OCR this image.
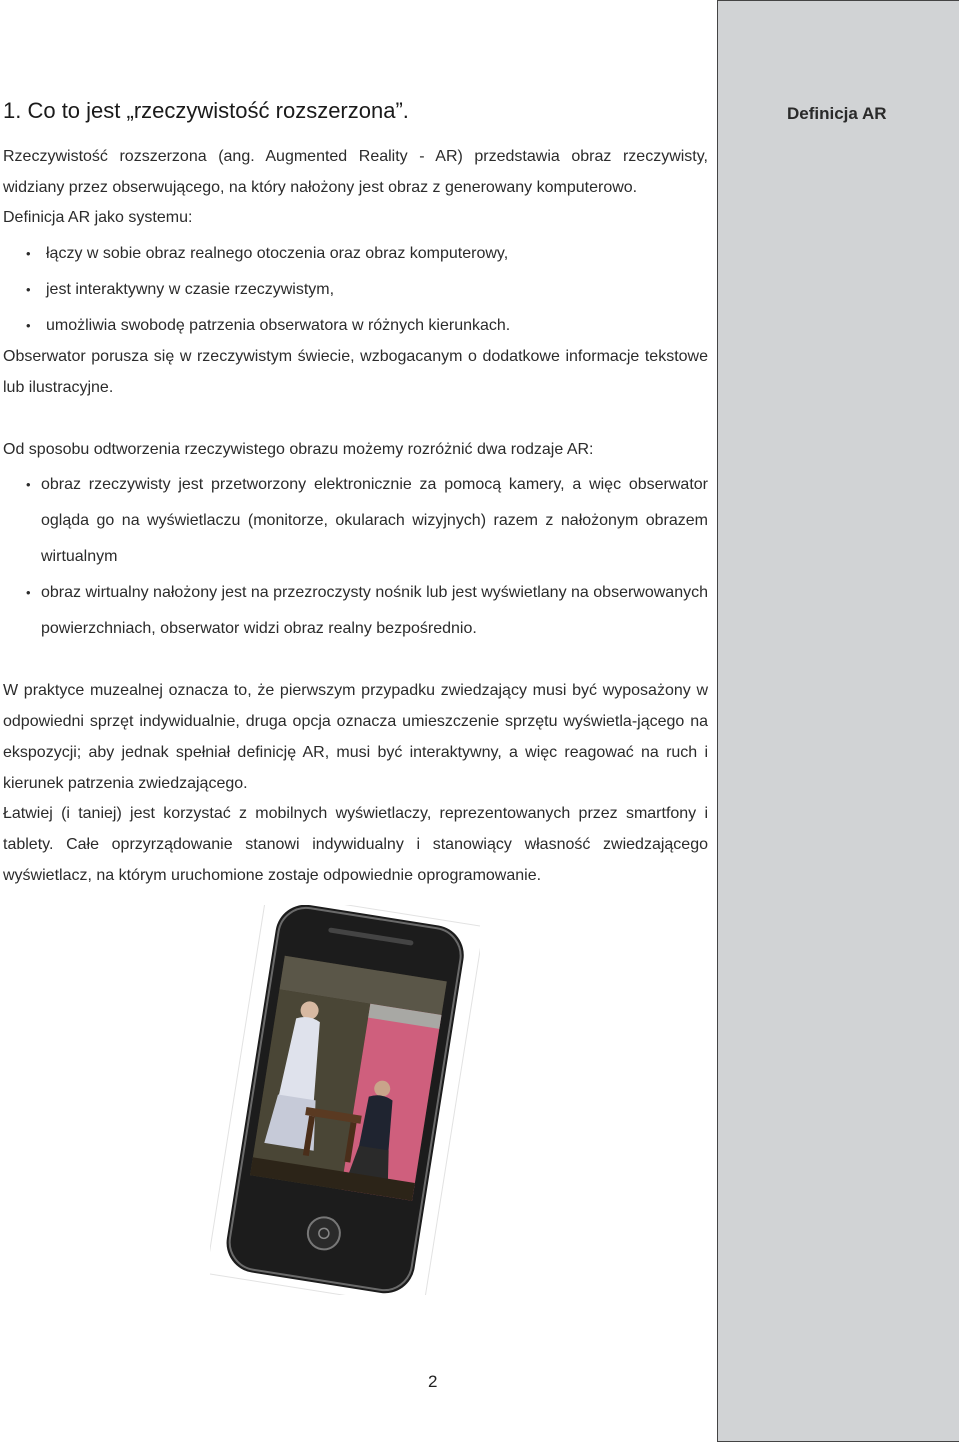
1. Co to jest „rzeczywistość rozszerzona”.

Rzeczywistość rozszerzona (ang. Augmented Reality - AR) przedstawia obraz rzeczywisty, widziany przez obserwującego, na który nałożony jest obraz z generowany komputerowo.

Definicja AR jako systemu:

• łączy w sobie obraz realnego otoczenia oraz obraz komputerowy,
• jest interaktywny w czasie rzeczywistym,
• umożliwia swobodę patrzenia obserwatora w różnych kierunkach.

Obserwator porusza się w rzeczywistym świecie, wzbogacanym o dodatkowe informacje tekstowe lub ilustracyjne.

Od sposobu odtworzenia rzeczywistego obrazu możemy rozróżnić dwa rodzaje AR:

• obraz rzeczywisty jest przetworzony elektronicznie za pomocą kamery, a więc obserwator ogląda go na wyświetlaczu (monitorze, okularach wizyjnych) razem z nałożonym obrazem wirtualnym
• obraz wirtualny nałożony jest na przezroczysty nośnik lub jest wyświetlany na obserwowanych powierzchniach, obserwator widzi obraz realny bezpośrednio.

W praktyce muzealnej oznacza to, że pierwszym przypadku zwiedzający musi być wyposażony w odpowiedni sprzęt indywidualnie, druga opcja oznacza umieszczenie sprzętu wyświetla-jącego na ekspozycji; aby jednak spełniał definicję AR, musi być interaktywny, a więc reagować na ruch i kierunek patrzenia zwiedzającego.

Łatwiej (i taniej) jest korzystać z mobilnych wyświetlaczy, reprezentowanych przez smartfony i tablety. Całe oprzyrządowanie stanowi indywidualny i stanowiący własność zwiedzającego wyświetlacz, na którym uruchomione zostaje odpowiednie oprogramowanie.

2
Definicja AR
